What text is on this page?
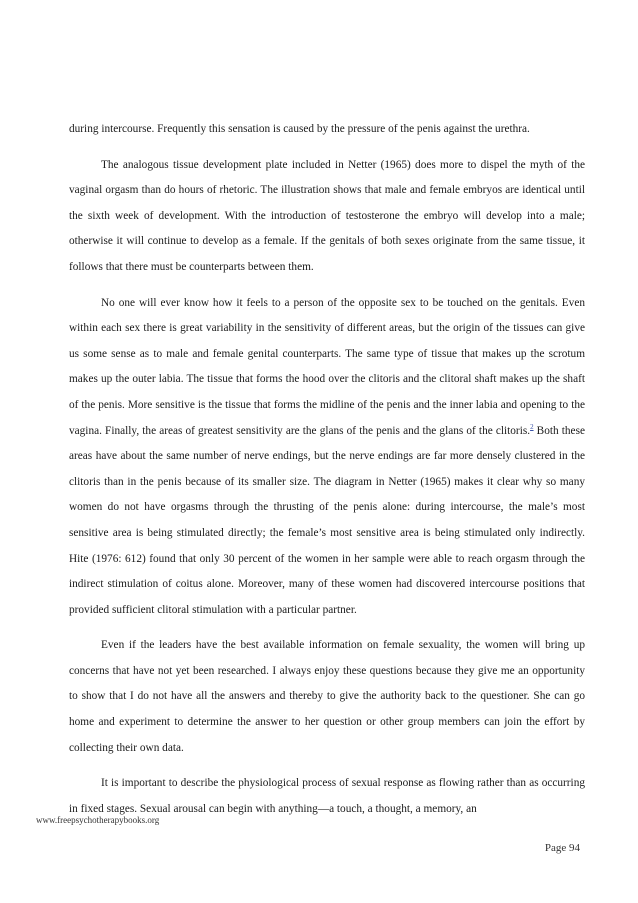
during intercourse. Frequently this sensation is caused by the pressure of the penis against the urethra.

The analogous tissue development plate included in Netter (1965) does more to dispel the myth of the vaginal orgasm than do hours of rhetoric. The illustration shows that male and female embryos are identical until the sixth week of development. With the introduction of testosterone the embryo will develop into a male; otherwise it will continue to develop as a female. If the genitals of both sexes originate from the same tissue, it follows that there must be counterparts between them.

No one will ever know how it feels to a person of the opposite sex to be touched on the genitals. Even within each sex there is great variability in the sensitivity of different areas, but the origin of the tissues can give us some sense as to male and female genital counterparts. The same type of tissue that makes up the scrotum makes up the outer labia. The tissue that forms the hood over the clitoris and the clitoral shaft makes up the shaft of the penis. More sensitive is the tissue that forms the midline of the penis and the inner labia and opening to the vagina. Finally, the areas of greatest sensitivity are the glans of the penis and the glans of the clitoris.$^2$ Both these areas have about the same number of nerve endings, but the nerve endings are far more densely clustered in the clitoris than in the penis because of its smaller size. The diagram in Netter (1965) makes it clear why so many women do not have orgasms through the thrusting of the penis alone: during intercourse, the male’s most sensitive area is being stimulated directly; the female’s most sensitive area is being stimulated only indirectly. Hite (1976: 612) found that only 30 percent of the women in her sample were able to reach orgasm through the indirect stimulation of coitus alone. Moreover, many of these women had discovered intercourse positions that provided sufficient clitoral stimulation with a particular partner.

Even if the leaders have the best available information on female sexuality, the women will bring up concerns that have not yet been researched. I always enjoy these questions because they give me an opportunity to show that I do not have all the answers and thereby to give the authority back to the questioner. She can go home and experiment to determine the answer to her question or other group members can join the effort by collecting their own data.

It is important to describe the physiological process of sexual response as flowing rather than as occurring in fixed stages. Sexual arousal can begin with anything—a touch, a thought, a memory, an

www.freepsychotherapybooks.org
Page 94
